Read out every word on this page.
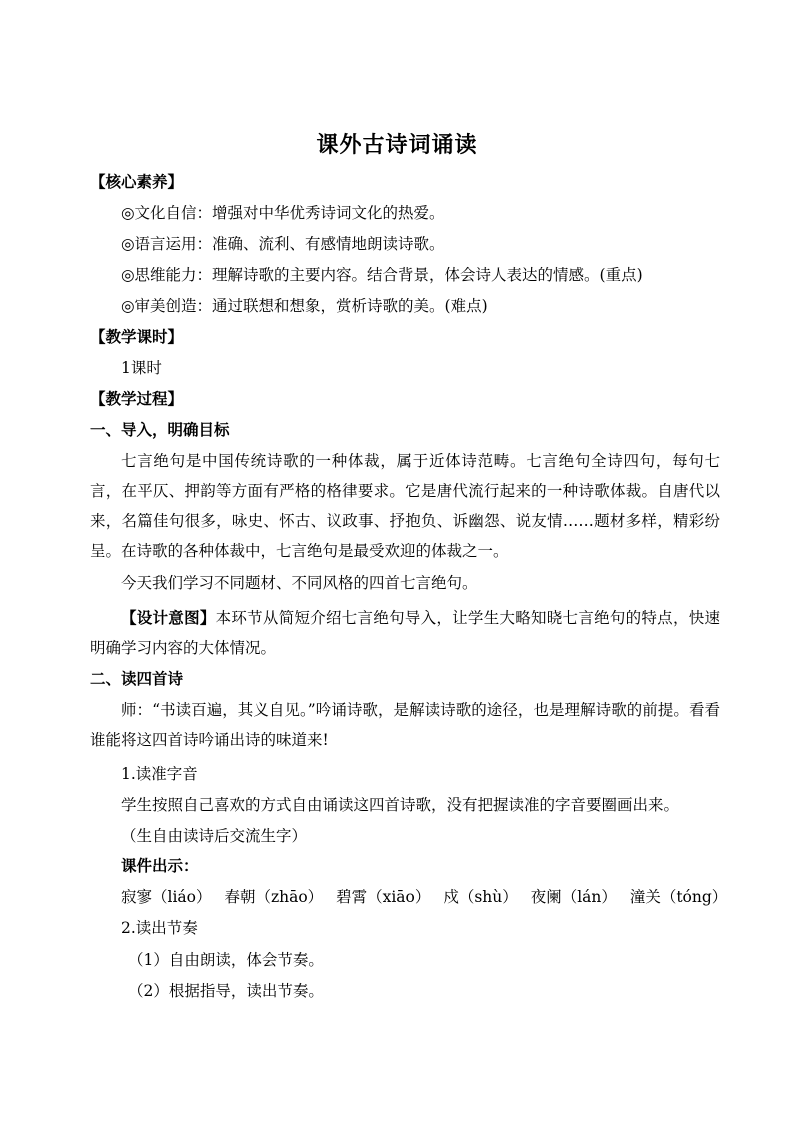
课外古诗词诵读
【核心素养】
◎文化自信：增强对中华优秀诗词文化的热爱。
◎语言运用：准确、流利、有感情地朗读诗歌。
◎思维能力：理解诗歌的主要内容。结合背景，体会诗人表达的情感。(重点)
◎审美创造：通过联想和想象，赏析诗歌的美。(难点)
【教学课时】
1课时
【教学过程】
一、导入，明确目标
七言绝句是中国传统诗歌的一种体裁，属于近体诗范畴。七言绝句全诗四句，每句七言，在平仄、押韵等方面有严格的格律要求。它是唐代流行起来的一种诗歌体裁。自唐代以来，名篇佳句很多，咏史、怀古、议政事、抒抱负、诉幽怨、说友情……题材多样，精彩纷呈。在诗歌的各种体裁中，七言绝句是最受欢迎的体裁之一。
今天我们学习不同题材、不同风格的四首七言绝句。
【设计意图】本环节从简短介绍七言绝句导入，让学生大略知晓七言绝句的特点，快速明确学习内容的大体情况。
二、读四首诗
师：“书读百遍，其义自见。”吟诵诗歌，是解读诗歌的途径，也是理解诗歌的前提。看看谁能将这四首诗吟诵出诗的味道来!
1.读准字音
学生按照自己喜欢的方式自由诵读这四首诗歌，没有把握读准的字音要圈画出来。
（生自由读诗后交流生字）
课件出示：
寂寥（liáo） 春朝（zhāo） 碧霄（xiāo） 戍（shù） 夜阑（lán） 潼关（tóng）
2.读出节奏
（1）自由朗读，体会节奏。
（2）根据指导，读出节奏。
